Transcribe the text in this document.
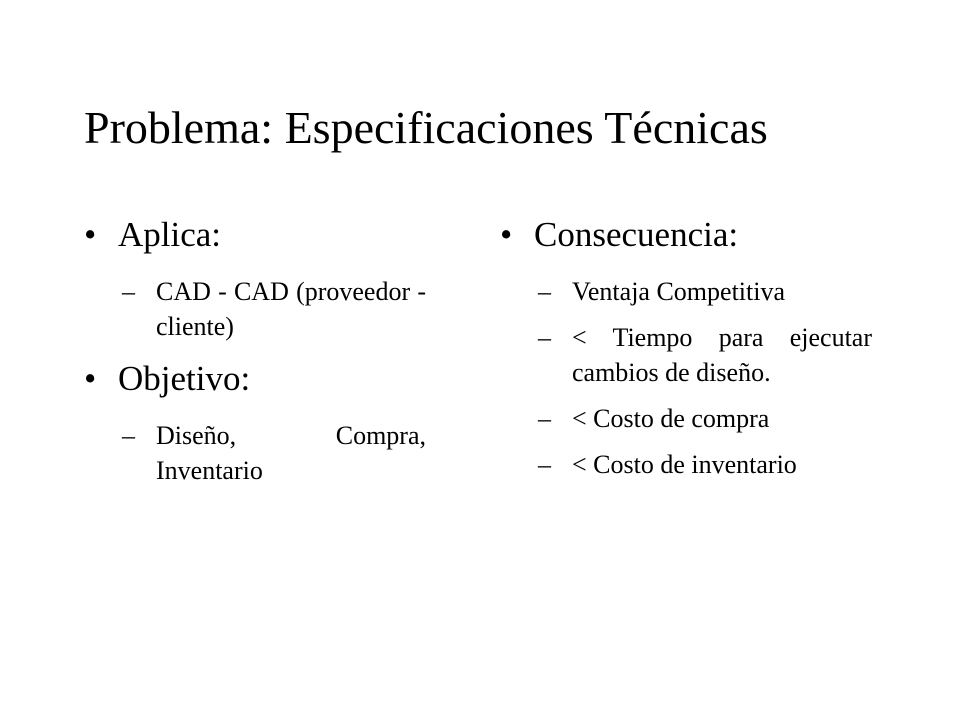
Problema: Especificaciones Técnicas
• Aplica:
– CAD - CAD (proveedor - cliente)
• Objetivo:
– Diseño, Compra, Inventario
• Consecuencia:
– Ventaja Competitiva
– < Tiempo para ejecutar cambios de diseño.
– < Costo de compra
– < Costo de inventario
